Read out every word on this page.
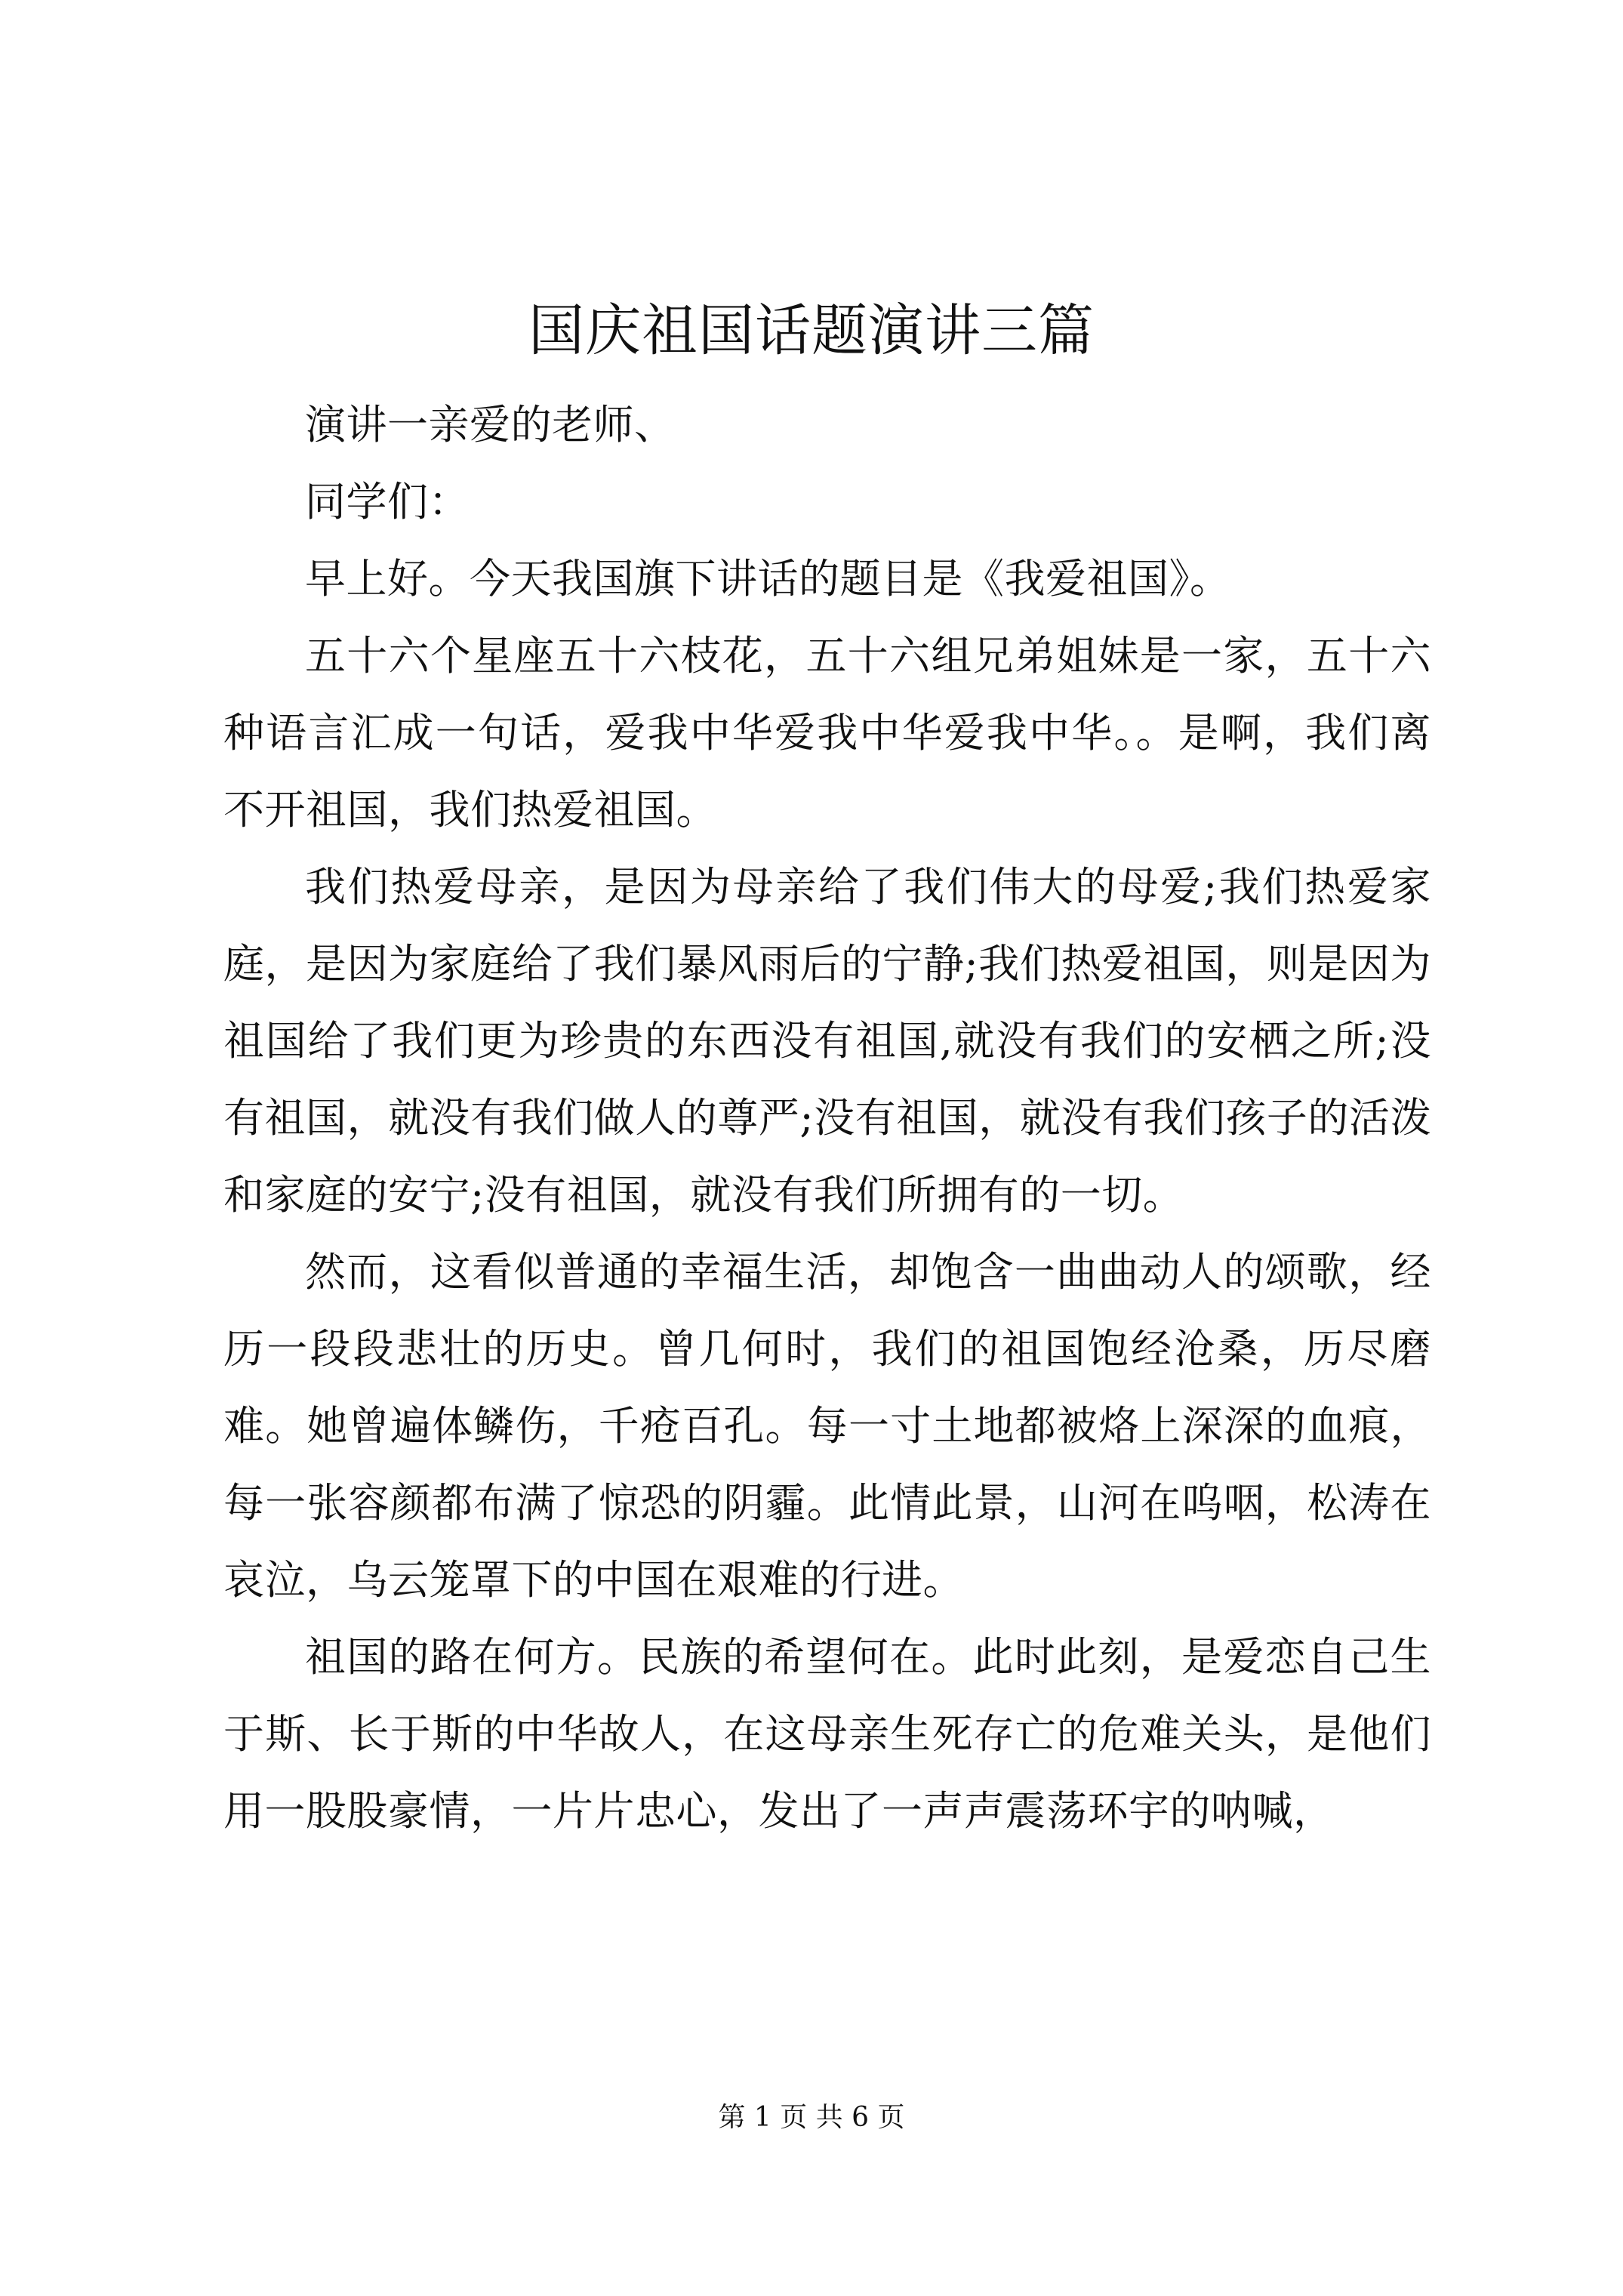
国庆祖国话题演讲三篇

演讲一亲爱的老师、

同学们：

早上好。今天我国旗下讲话的题目是《我爱祖国》。

五十六个星座五十六枝花，五十六组兄弟姐妹是一家，五十六种语言汇成一句话，爱我中华爱我中华爱我中华。。是啊，我们离不开祖国，我们热爱祖国。

我们热爱母亲，是因为母亲给了我们伟大的母爱;我们热爱家庭，是因为家庭给了我们暴风雨后的宁静;我们热爱祖国，则是因为祖国给了我们更为珍贵的东西没有祖国,就没有我们的安栖之所;没有祖国，就没有我们做人的尊严;没有祖国，就没有我们孩子的活泼和家庭的安宁;没有祖国，就没有我们所拥有的一切。

然而，这看似普通的幸福生活，却饱含一曲曲动人的颂歌，经历一段段悲壮的历史。曾几何时，我们的祖国饱经沧桑，历尽磨难。她曾遍体鳞伤，千疮百孔。每一寸土地都被烙上深深的血痕，每一张容颜都布满了惊恐的阴霾。此情此景，山河在呜咽，松涛在哀泣，乌云笼罩下的中国在艰难的行进。

祖国的路在何方。民族的希望何在。此时此刻，是爱恋自己生于斯、长于斯的中华故人，在这母亲生死存亡的危难关头，是他们用一股股豪情，一片片忠心，发出了一声声震荡环宇的呐喊，

第 1 页 共 6 页
